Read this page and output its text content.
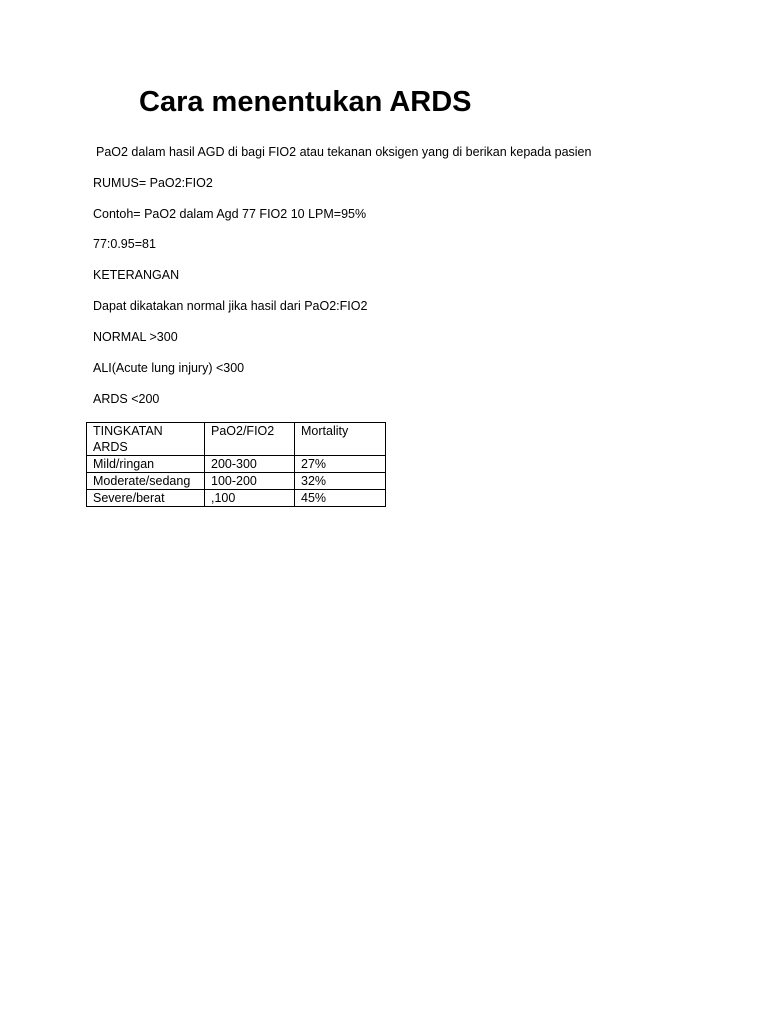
Cara menentukan ARDS
PaO2 dalam hasil AGD di bagi FIO2 atau tekanan oksigen yang di berikan kepada pasien
RUMUS= PaO2:FIO2
Contoh= PaO2 dalam Agd 77 FIO2 10 LPM=95%
77:0.95=81
KETERANGAN
Dapat dikatakan normal jika hasil dari PaO2:FIO2
NORMAL >300
ALI(Acute lung injury) <300
ARDS <200
TINGKATAN ARDS	PaO2/FIO2	Mortality
Mild/ringan	200-300	27%

Moderate/sedang	100-200	32%
Severe/berat	,100	45%
